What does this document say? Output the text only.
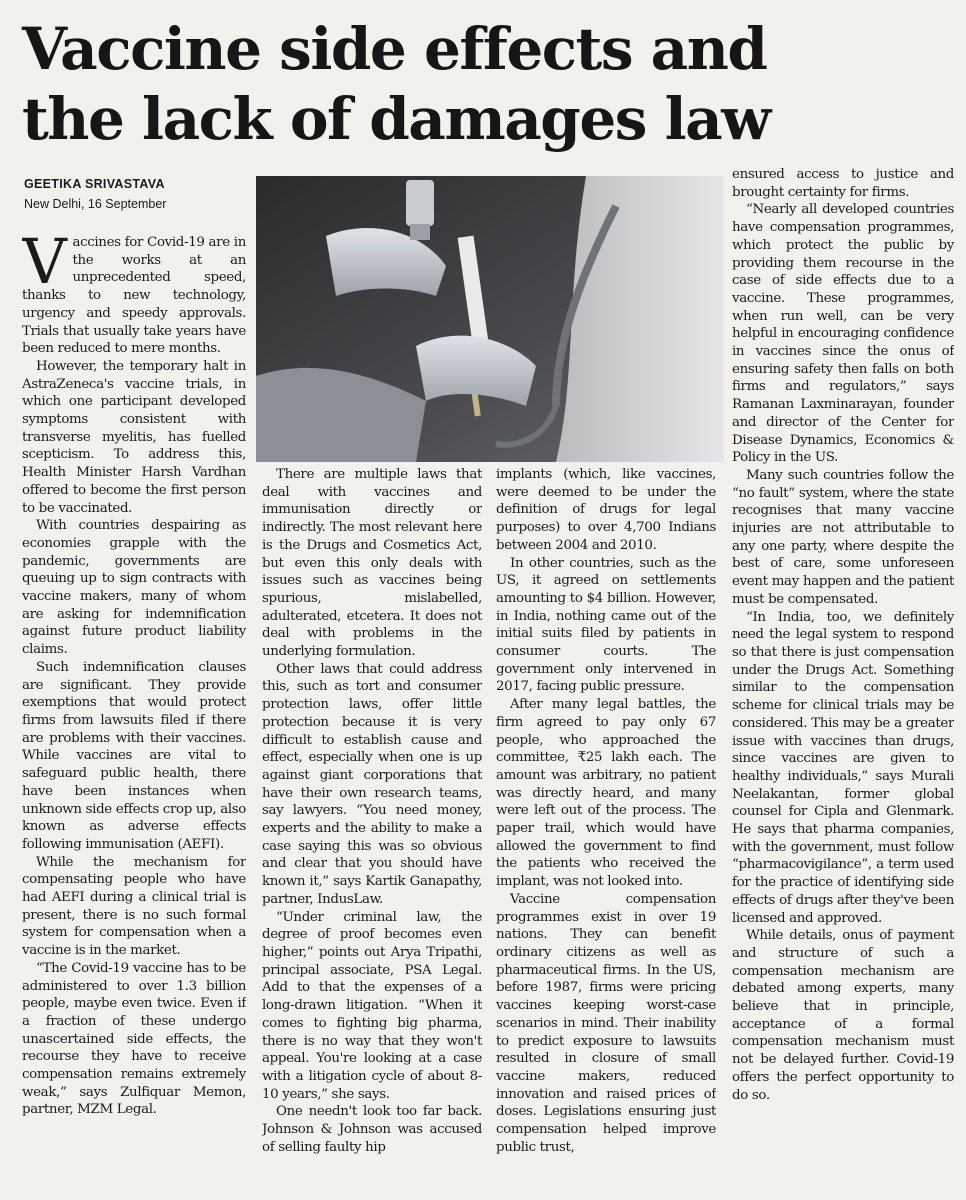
Vaccine side effects and
the lack of damages law
GEETIKA SRIVASTAVA
New Delhi, 16 September

Vaccines for Covid-19 are in the works at an unprecedented speed, thanks to new technology, urgency and speedy approvals. Trials that usually take years have been reduced to mere months.

However, the temporary halt in AstraZeneca's vaccine trials, in which one participant developed symptoms consistent with transverse myelitis, has fuelled scepticism. To address this, Health Minister Harsh Vardhan offered to become the first person to be vaccinated.

With countries despairing as economies grapple with the pandemic, governments are queuing up to sign contracts with vaccine makers, many of whom are asking for indemnification against future product liability claims.

Such indemnification clauses are significant. They provide exemptions that would protect firms from lawsuits filed if there are problems with their vaccines. While vaccines are vital to safeguard public health, there have been instances when unknown side effects crop up, also known as adverse effects following immunisation (AEFI).

While the mechanism for compensating people who have had AEFI during a clinical trial is present, there is no such formal system for compensation when a vaccine is in the market.

“The Covid-19 vaccine has to be administered to over 1.3 billion people, maybe even twice. Even if a fraction of these undergo unascertained side effects, the recourse they have to receive compensation remains extremely weak,” says Zulfiquar Memon, partner, MZM Legal.

There are multiple laws that deal with vaccines and immunisation directly or indirectly. The most relevant here is the Drugs and Cosmetics Act, but even this only deals with issues such as vaccines being spurious, mislabelled, adulterated, etcetera. It does not deal with problems in the underlying formulation.

Other laws that could address this, such as tort and consumer protection laws, offer little protection because it is very difficult to establish cause and effect, especially when one is up against giant corporations that have their own research teams, say lawyers. “You need money, experts and the ability to make a case saying this was so obvious and clear that you should have known it,” says Kartik Ganapathy, partner, IndusLaw.

“Under criminal law, the degree of proof becomes even higher,” points out Arya Tripathi, principal associate, PSA Legal. Add to that the expenses of a long-drawn litigation. “When it comes to fighting big pharma, there is no way that they won't appeal. You're looking at a case with a litigation cycle of about 8-10 years,” she says.

One needn't look too far back. Johnson & Johnson was accused of selling faulty hip

implants (which, like vaccines, were deemed to be under the definition of drugs for legal purposes) to over 4,700 Indians between 2004 and 2010.

In other countries, such as the US, it agreed on settlements amounting to $4 billion. However, in India, nothing came out of the initial suits filed by patients in consumer courts. The government only intervened in 2017, facing public pressure.

After many legal battles, the firm agreed to pay only 67 people, who approached the committee, ₹25 lakh each. The amount was arbitrary, no patient was directly heard, and many were left out of the process. The paper trail, which would have allowed the government to find the patients who received the implant, was not looked into.

Vaccine compensation programmes exist in over 19 nations. They can benefit ordinary citizens as well as pharmaceutical firms. In the US, before 1987, firms were pricing vaccines keeping worst-case scenarios in mind. Their inability to predict exposure to lawsuits resulted in closure of small vaccine makers, reduced innovation and raised prices of doses. Legislations ensuring just compensation helped improve public trust,

ensured access to justice and brought certainty for firms.

“Nearly all developed countries have compensation programmes, which protect the public by providing them recourse in the case of side effects due to a vaccine. These programmes, when run well, can be very helpful in encouraging confidence in vaccines since the onus of ensuring safety then falls on both firms and regulators,” says Ramanan Laxminarayan, founder and director of the Center for Disease Dynamics, Economics & Policy in the US.

Many such countries follow the “no fault” system, where the state recognises that many vaccine injuries are not attributable to any one party, where despite the best of care, some unforeseen event may happen and the patient must be compensated.

“In India, too, we definitely need the legal system to respond so that there is just compensation under the Drugs Act. Something similar to the compensation scheme for clinical trials may be considered. This may be a greater issue with vaccines than drugs, since vaccines are given to healthy individuals,” says Murali Neelakantan, former global counsel for Cipla and Glenmark. He says that pharma companies, with the government, must follow “pharmacovigilance”, a term used for the practice of identifying side effects of drugs after they've been licensed and approved.

While details, onus of payment and structure of such a compensation mechanism are debated among experts, many believe that in principle, acceptance of a formal compensation mechanism must not be delayed further. Covid-19 offers the perfect opportunity to do so.
